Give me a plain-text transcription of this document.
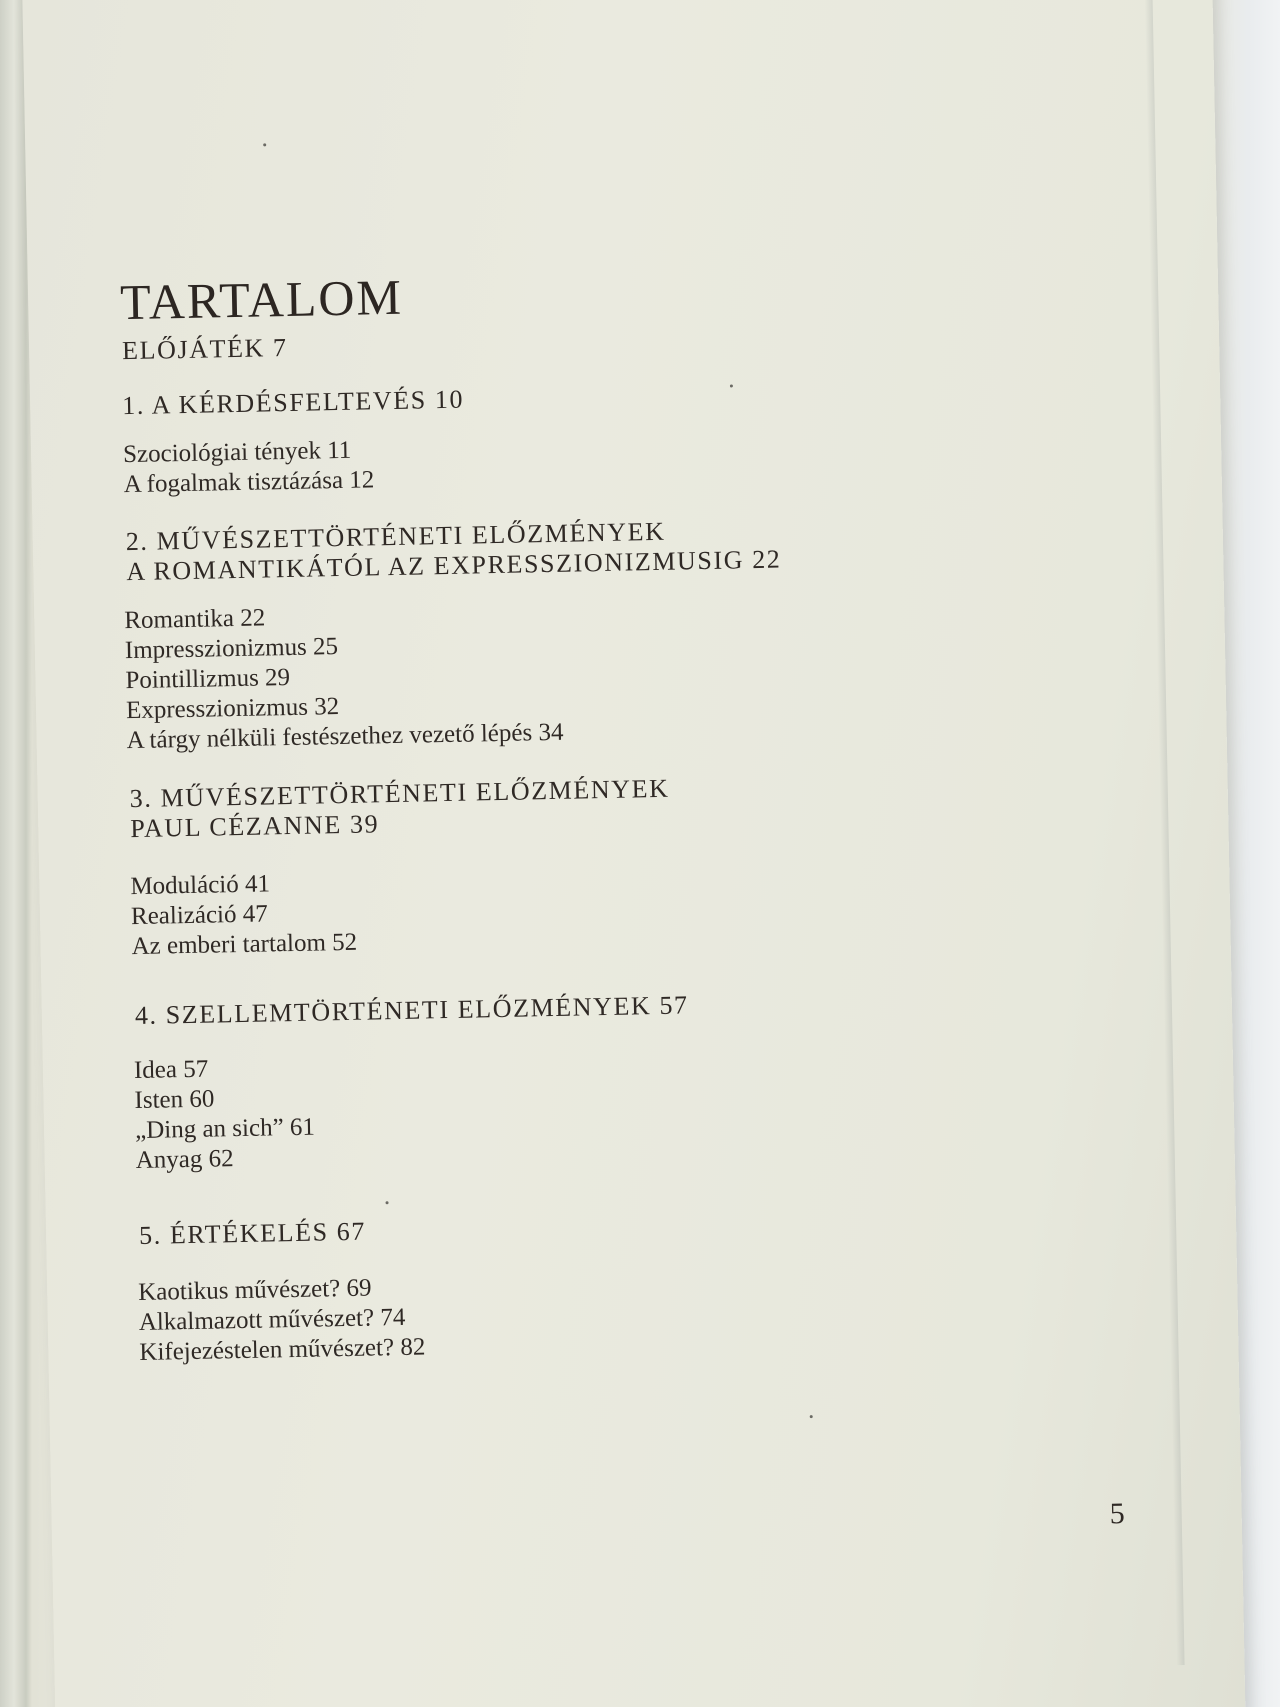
TARTALOM
ELŐJÁTÉK 7
1. A KÉRDÉSFELTEVÉS 10
Szociológiai tények 11
A fogalmak tisztázása 12
2. MŰVÉSZETTÖRTÉNETI ELŐZMÉNYEK
A ROMANTIKÁTÓL AZ EXPRESSZIONIZMUSIG 22
Romantika 22
Impresszionizmus 25
Pointillizmus 29
Expresszionizmus 32
A tárgy nélküli festészethez vezető lépés 34
3. MŰVÉSZETTÖRTÉNETI ELŐZMÉNYEK
PAUL CÉZANNE 39
Moduláció 41
Realizáció 47
Az emberi tartalom 52
4. SZELLEMTÖRTÉNETI ELŐZMÉNYEK 57
Idea 57
Isten 60
„Ding an sich” 61
Anyag 62
5. ÉRTÉKELÉS 67
Kaotikus művészet? 69
Alkalmazott művészet? 74
Kifejezéstelen művészet? 82
5
